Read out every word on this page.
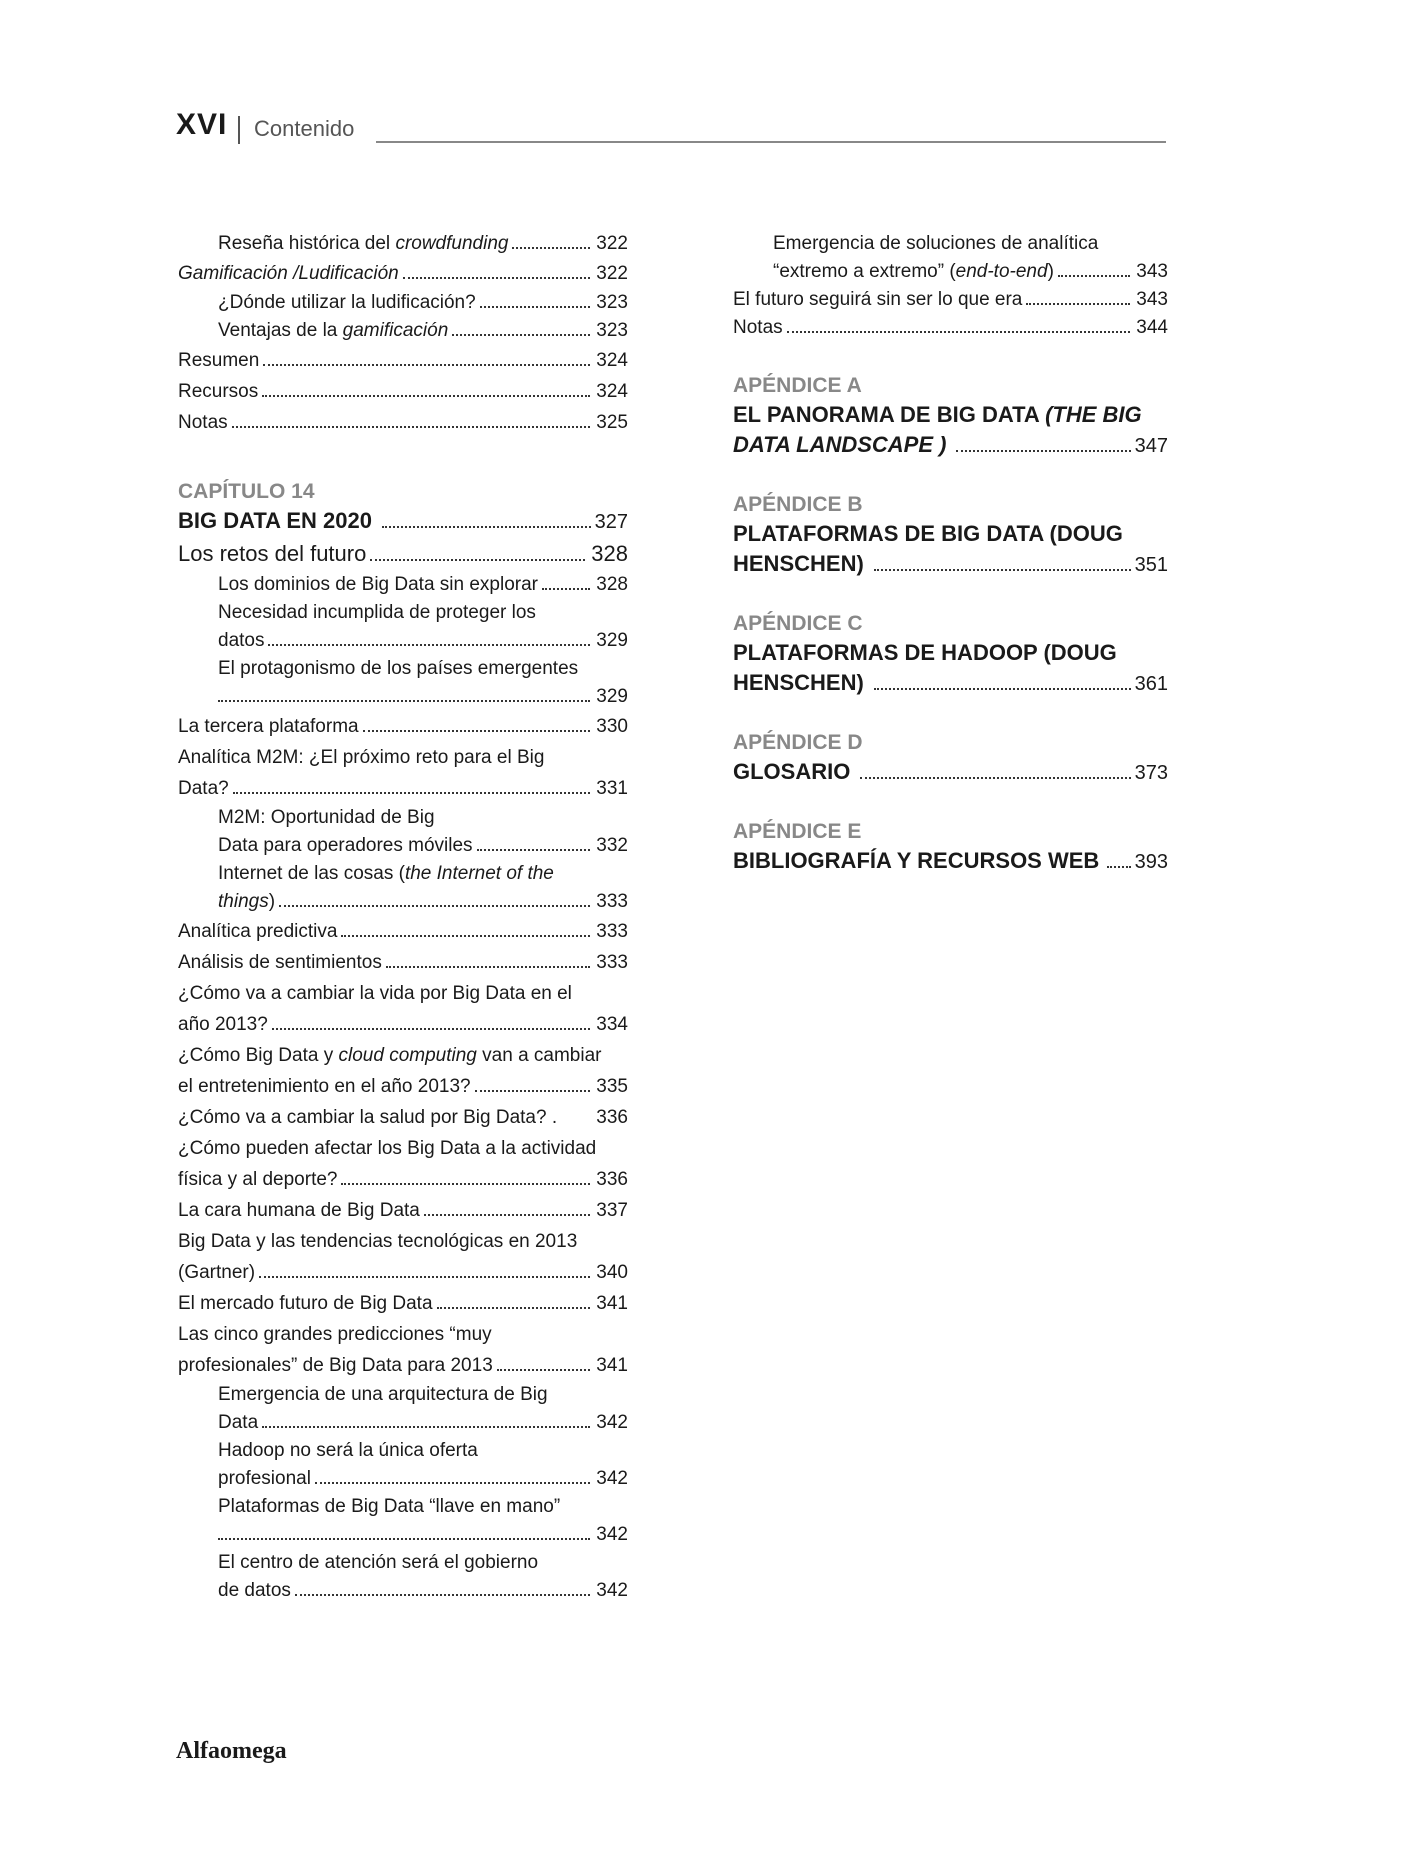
XVI Contenido
Reseña histórica del crowdfunding	322
Gamificación /Ludificación	322
¿Dónde utilizar la ludificación?	323
Ventajas de la gamificación	323
Resumen	324
Recursos	324
Notas	325
CAPÍTULO 14
BIG DATA EN 2020	327
Los retos del futuro	328
Los dominios de Big Data sin explorar	328
Necesidad incumplida de proteger los
datos	329
El protagonismo de los países emergentes
329
La tercera plataforma	330
Analítica M2M: ¿El próximo reto para el Big
Data?	331
M2M: Oportunidad de Big
Data para operadores móviles	332
Internet de las cosas (the Internet of the
things)	333
Analítica predictiva	333
Análisis de sentimientos	333
¿Cómo va a cambiar la vida por Big Data en el
año 2013?	334
¿Cómo Big Data y cloud computing van a cambiar
el entretenimiento en el año 2013?	335
¿Cómo va a cambiar la salud por Big Data? . 336
¿Cómo pueden afectar los Big Data a la actividad
física y al deporte?	336
La cara humana de Big Data	337
Big Data y las tendencias tecnológicas en 2013
(Gartner)	340
El mercado futuro de Big Data	341
Las cinco grandes predicciones “muy
profesionales” de Big Data para 2013	341
Emergencia de una arquitectura de Big
Data	342
Hadoop no será la única oferta
profesional	342
Plataformas de Big Data “llave en mano”
342
El centro de atención será el gobierno
de datos	342
Emergencia de soluciones de analítica
“extremo a extremo” (end-to-end)	343
El futuro seguirá sin ser lo que era	343
Notas	344
APÉNDICE A
EL PANORAMA DE BIG DATA (THE BIG
DATA LANDSCAPE )	347
APÉNDICE B
PLATAFORMAS DE BIG DATA (DOUG
HENSCHEN)	351
APÉNDICE C
PLATAFORMAS DE HADOOP (DOUG
HENSCHEN)	361
APÉNDICE D
GLOSARIO	373
APÉNDICE E
BIBLIOGRAFÍA Y RECURSOS WEB 393
Alfaomega
